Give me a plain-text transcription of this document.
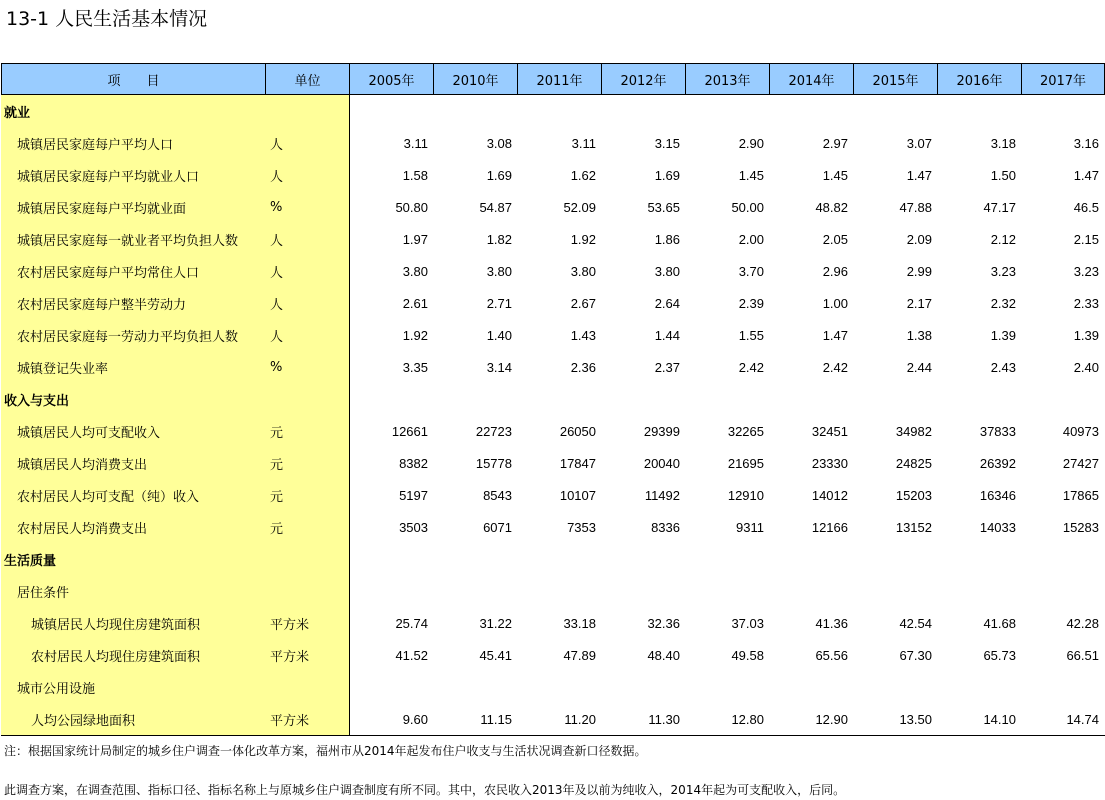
13-1 人民生活基本情况
项　　目	单位	2005年	2010年	2011年	2012年	2013年	2014年	2015年	2016年	2017年
就业
城镇居民家庭每户平均人口	人	3.11	3.08	3.11	3.15	2.90	2.97	3.07	3.18	3.16
城镇居民家庭每户平均就业人口	人	1.58	1.69	1.62	1.69	1.45	1.45	1.47	1.50	1.47
城镇居民家庭每户平均就业面	%	50.80	54.87	52.09	53.65	50.00	48.82	47.88	47.17	46.5
城镇居民家庭每一就业者平均负担人数	人	1.97	1.82	1.92	1.86	2.00	2.05	2.09	2.12	2.15
农村居民家庭每户平均常住人口	人	3.80	3.80	3.80	3.80	3.70	2.96	2.99	3.23	3.23
农村居民家庭每户整半劳动力	人	2.61	2.71	2.67	2.64	2.39	1.00	2.17	2.32	2.33
农村居民家庭每一劳动力平均负担人数	人	1.92	1.40	1.43	1.44	1.55	1.47	1.38	1.39	1.39
城镇登记失业率	%	3.35	3.14	2.36	2.37	2.42	2.42	2.44	2.43	2.40
收入与支出
城镇居民人均可支配收入	元	12661	22723	26050	29399	32265	32451	34982	37833	40973
城镇居民人均消费支出	元	8382	15778	17847	20040	21695	23330	24825	26392	27427
农村居民人均可支配（纯）收入	元	5197	8543	10107	11492	12910	14012	15203	16346	17865
农村居民人均消费支出	元	3503	6071	7353	8336	9311	12166	13152	14033	15283
生活质量
居住条件
城镇居民人均现住房建筑面积	平方米	25.74	31.22	33.18	32.36	37.03	41.36	42.54	41.68	42.28
农村居民人均现住房建筑面积	平方米	41.52	45.41	47.89	48.40	49.58	65.56	67.30	65.73	66.51
城市公用设施
人均公园绿地面积	平方米	9.60	11.15	11.20	11.30	12.80	12.90	13.50	14.10	14.74
注：根据国家统计局制定的城乡住户调查一体化改革方案，福州市从2014年起发布住户收支与生活状况调查新口径数据。
此调查方案，在调查范围、指标口径、指标名称上与原城乡住户调查制度有所不同。其中，农民收入2013年及以前为纯收入，2014年起为可支配收入，后同。
